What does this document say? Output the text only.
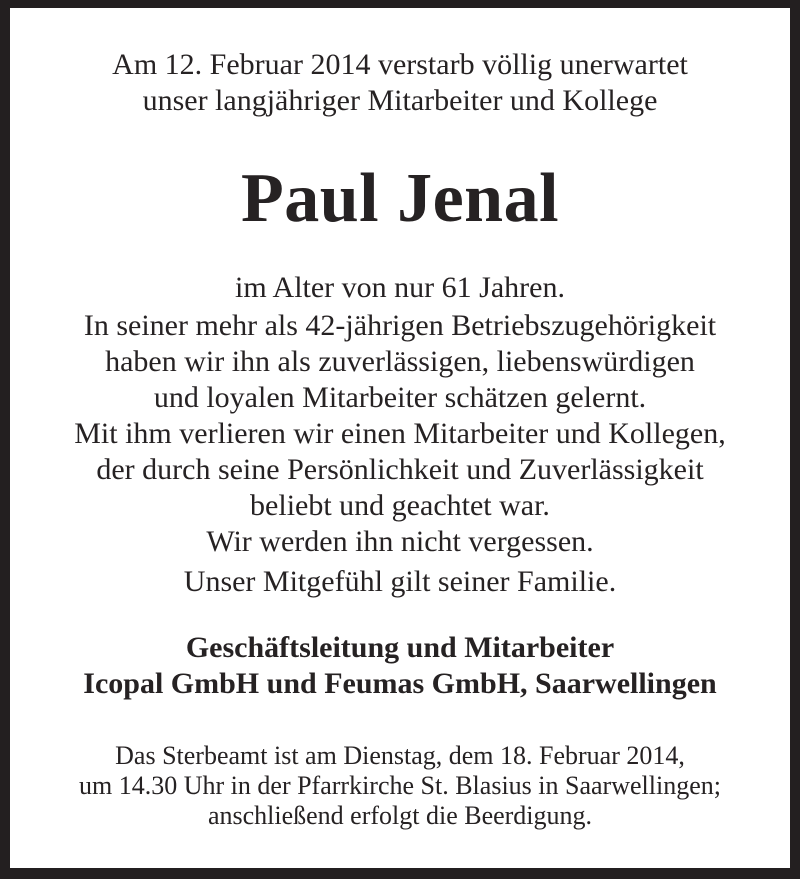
Am 12. Februar 2014 verstarb völlig unerwartet
unser langjähriger Mitarbeiter und Kollege
Paul Jenal
im Alter von nur 61 Jahren.
In seiner mehr als 42-jährigen Betriebszugehörigkeit
haben wir ihn als zuverlässigen, liebenswürdigen
und loyalen Mitarbeiter schätzen gelernt.
Mit ihm verlieren wir einen Mitarbeiter und Kollegen,
der durch seine Persönlichkeit und Zuverlässigkeit
beliebt und geachtet war.
Wir werden ihn nicht vergessen.
Unser Mitgefühl gilt seiner Familie.
Geschäftsleitung und Mitarbeiter
Icopal GmbH und Feumas GmbH, Saarwellingen
Das Sterbeamt ist am Dienstag, dem 18. Februar 2014,
um 14.30 Uhr in der Pfarrkirche St. Blasius in Saarwellingen;
anschließend erfolgt die Beerdigung.
